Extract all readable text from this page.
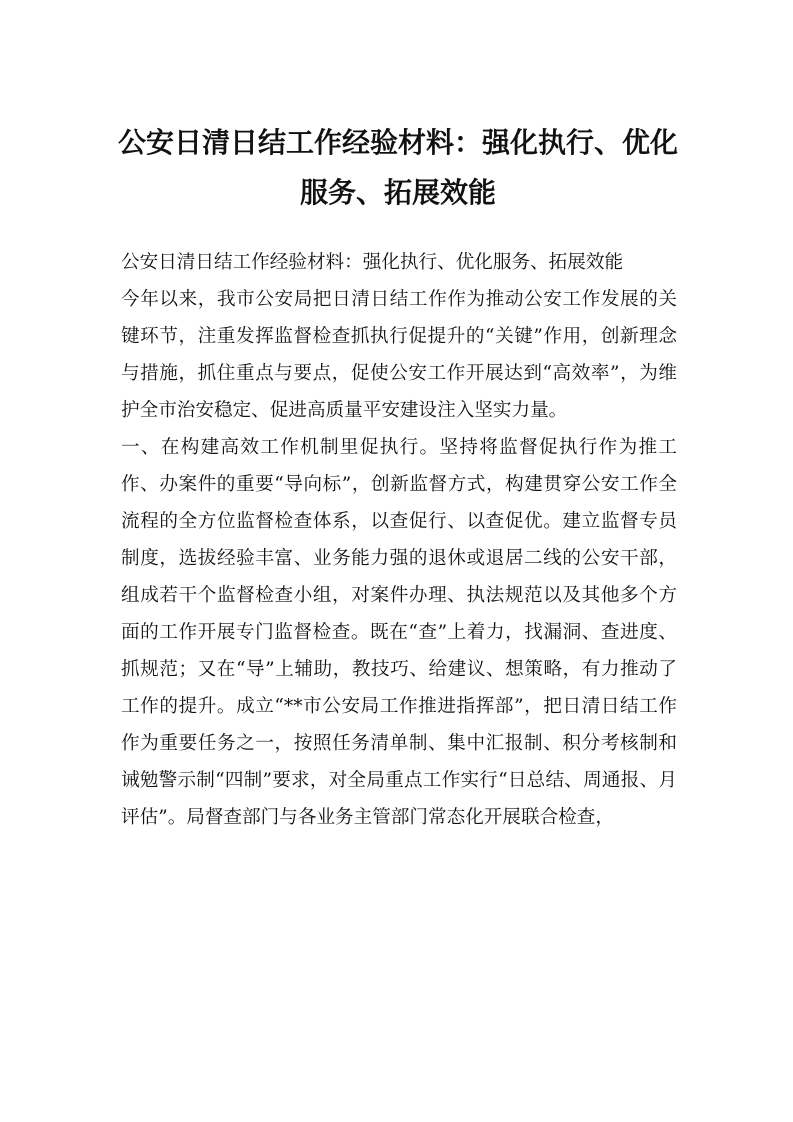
公安日清日结工作经验材料：强化执行、优化服务、拓展效能

公安日清日结工作经验材料：强化执行、优化服务、拓展效能

今年以来，我市公安局把日清日结工作作为推动公安工作发展的关键环节，注重发挥监督检查抓执行促提升的“关键”作用，创新理念与措施，抓住重点与要点，促使公安工作开展达到“高效率”，为维护全市治安稳定、促进高质量平安建设注入坚实力量。

一、在构建高效工作机制里促执行。坚持将监督促执行作为推工作、办案件的重要“导向标”，创新监督方式，构建贯穿公安工作全流程的全方位监督检查体系，以查促行、以查促优。建立监督专员制度，选拔经验丰富、业务能力强的退休或退居二线的公安干部，组成若干个监督检查小组，对案件办理、执法规范以及其他多个方面的工作开展专门监督检查。既在“查”上着力，找漏洞、查进度、抓规范；又在“导”上辅助，教技巧、给建议、想策略，有力推动了工作的提升。成立“**市公安局工作推进指挥部”，把日清日结工作作为重要任务之一，按照任务清单制、集中汇报制、积分考核制和诫勉警示制“四制”要求，对全局重点工作实行“日总结、周通报、月评估”。局督查部门与各业务主管部门常态化开展联合检查，
